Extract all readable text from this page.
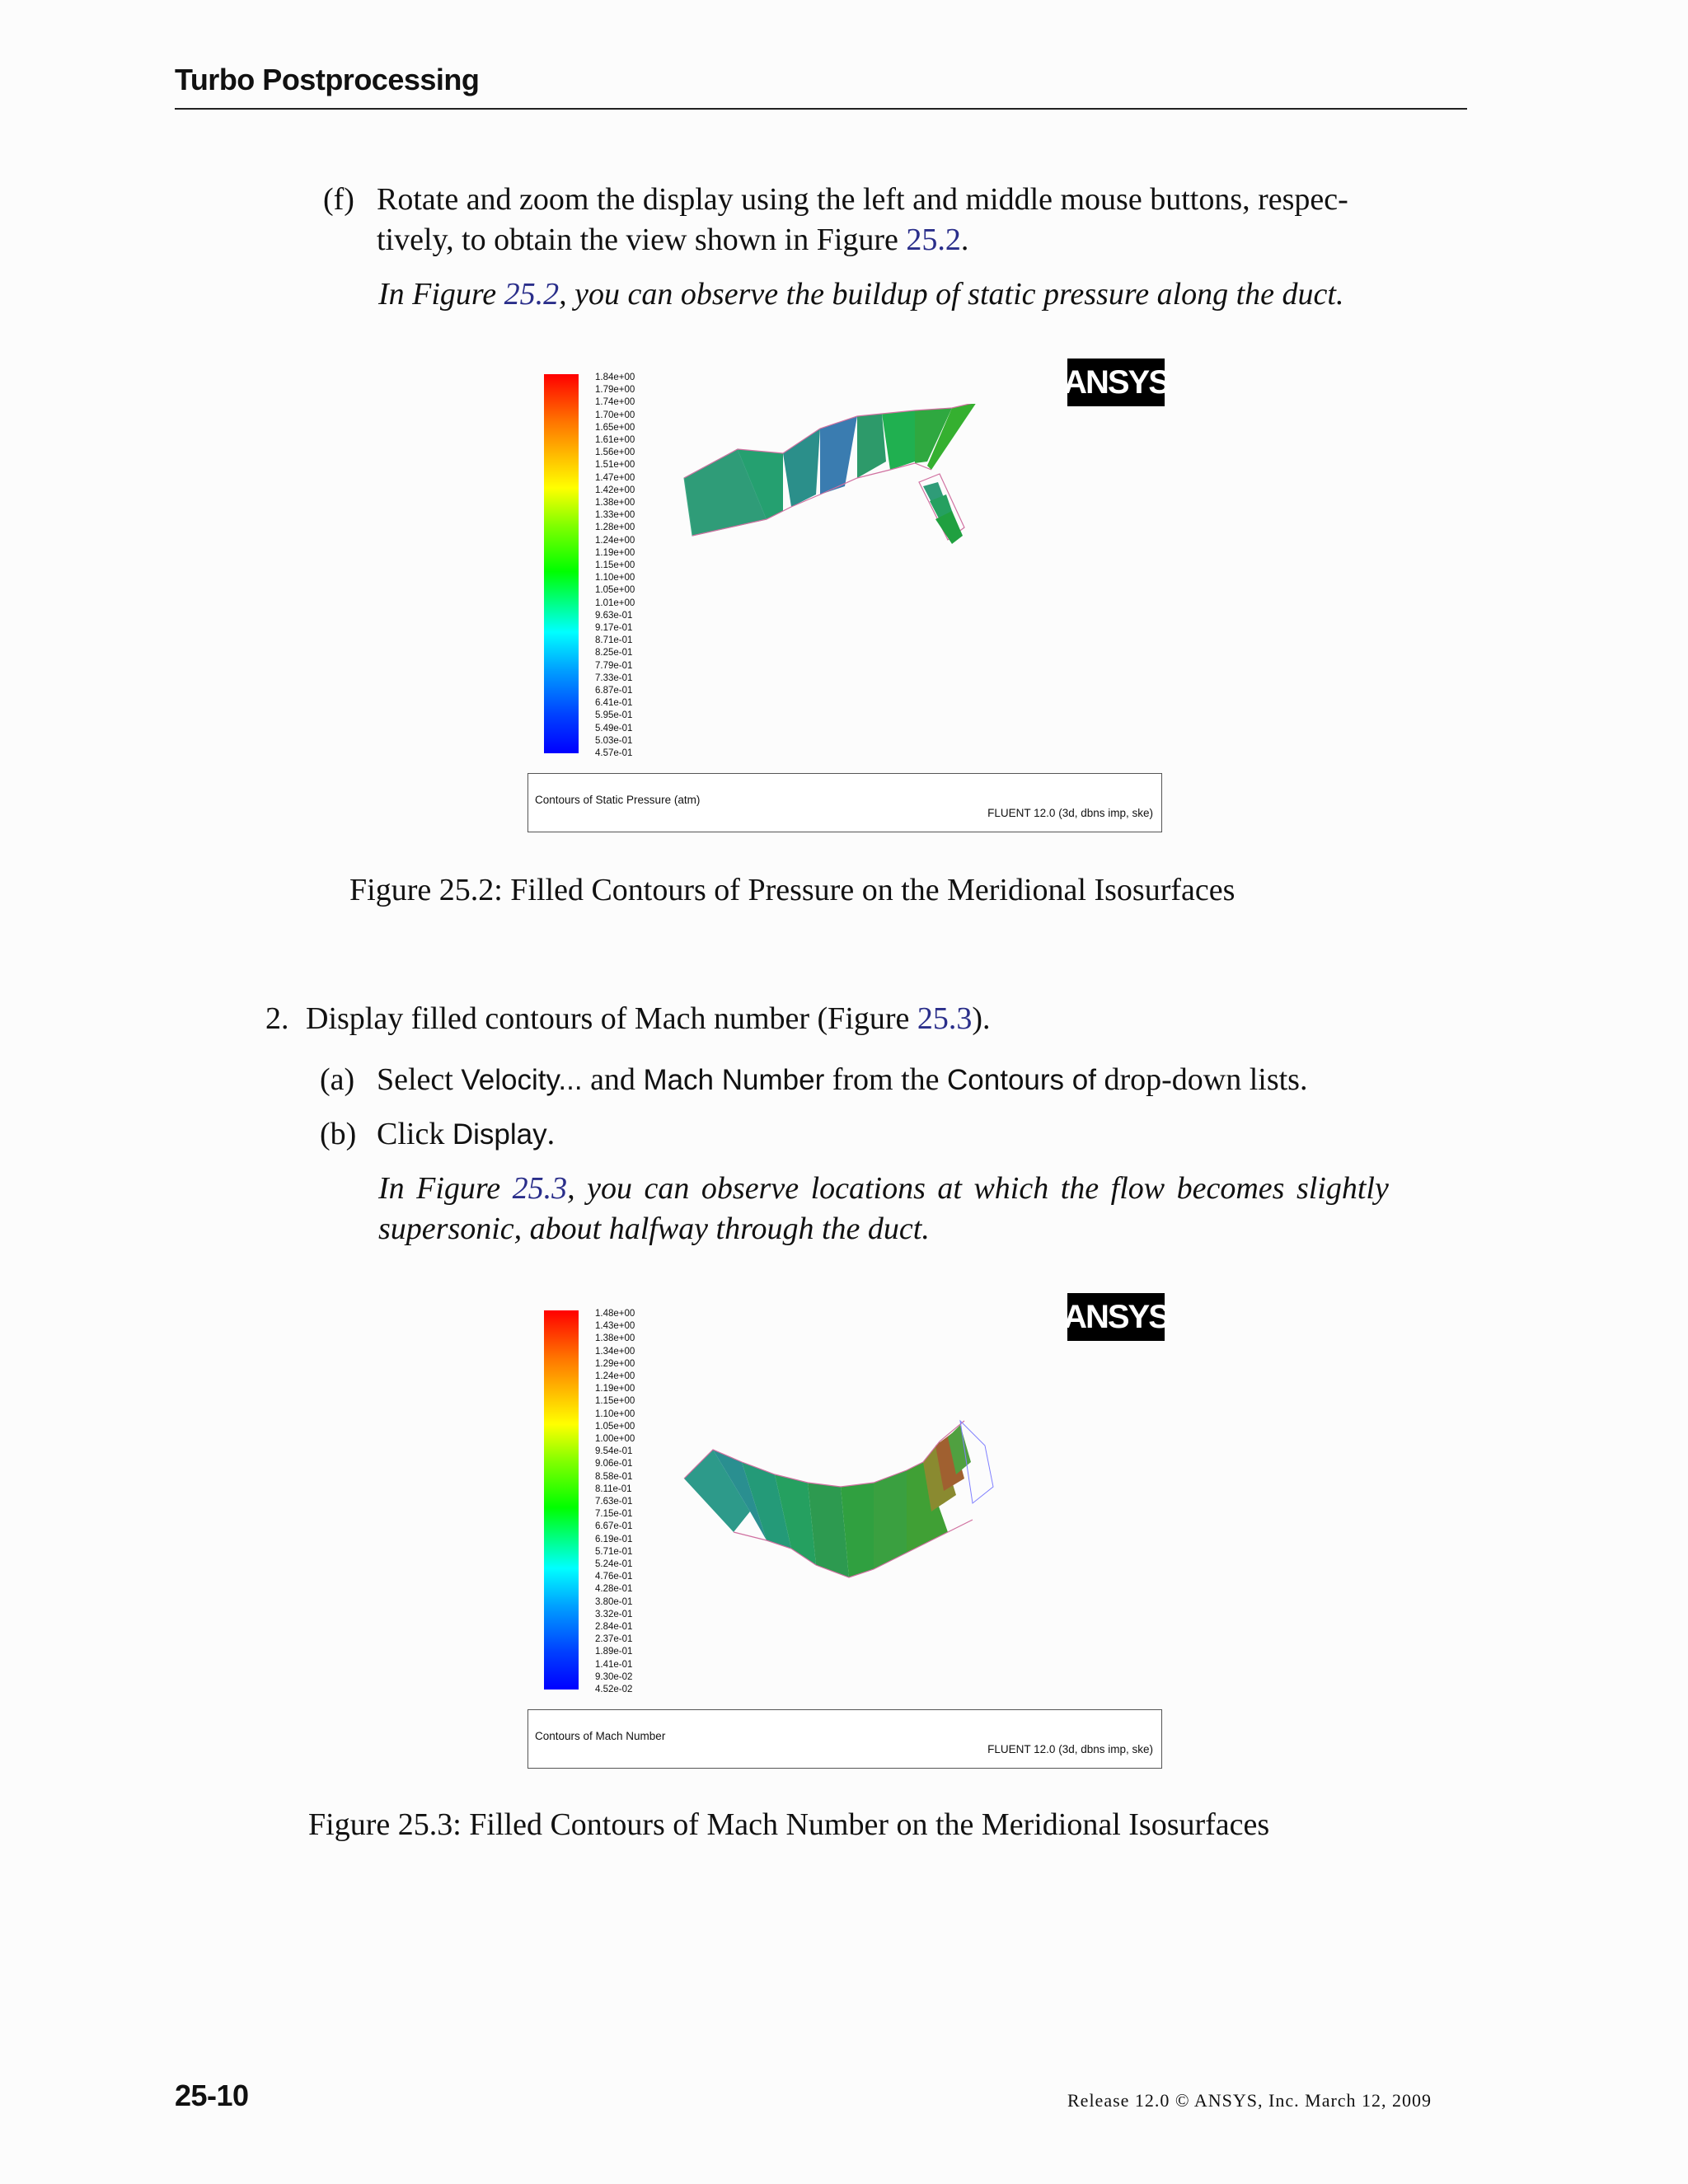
Turbo Postprocessing
(f) Rotate and zoom the display using the left and middle mouse buttons, respec-
tively, to obtain the view shown in Figure 25.2.
In Figure 25.2, you can observe the buildup of static pressure along the duct.
1.84e+00
1.79e+00
1.74e+00
1.70e+00
1.65e+00
1.61e+00
1.56e+00
1.51e+00
1.47e+00
1.42e+00
1.38e+00
1.33e+00
1.28e+00
1.24e+00
1.19e+00
1.15e+00
1.10e+00
1.05e+00
1.01e+00
9.63e-01
9.17e-01
8.71e-01
8.25e-01
7.79e-01
7.33e-01
6.87e-01
6.41e-01
5.95e-01
5.49e-01
5.03e-01
4.57e-01
ANSYS
Contours of Static Pressure (atm)
FLUENT 12.0 (3d, dbns imp, ske)
Figure 25.2: Filled Contours of Pressure on the Meridional Isosurfaces
2. Display filled contours of Mach number (Figure 25.3).
(a) Select Velocity... and Mach Number from the Contours of drop-down lists.
(b) Click Display.
In Figure 25.3, you can observe locations at which the flow becomes slightly
supersonic, about halfway through the duct.
1.48e+00
1.43e+00
1.38e+00
1.34e+00
1.29e+00
1.24e+00
1.19e+00
1.15e+00
1.10e+00
1.05e+00
1.00e+00
9.54e-01
9.06e-01
8.58e-01
8.11e-01
7.63e-01
7.15e-01
6.67e-01
6.19e-01
5.71e-01
5.24e-01
4.76e-01
4.28e-01
3.80e-01
3.32e-01
2.84e-01
2.37e-01
1.89e-01
1.41e-01
9.30e-02
4.52e-02
ANSYS
Contours of Mach Number
FLUENT 12.0 (3d, dbns imp, ske)
Figure 25.3: Filled Contours of Mach Number on the Meridional Isosurfaces
25-10	Release 12.0 © ANSYS, Inc. March 12, 2009
